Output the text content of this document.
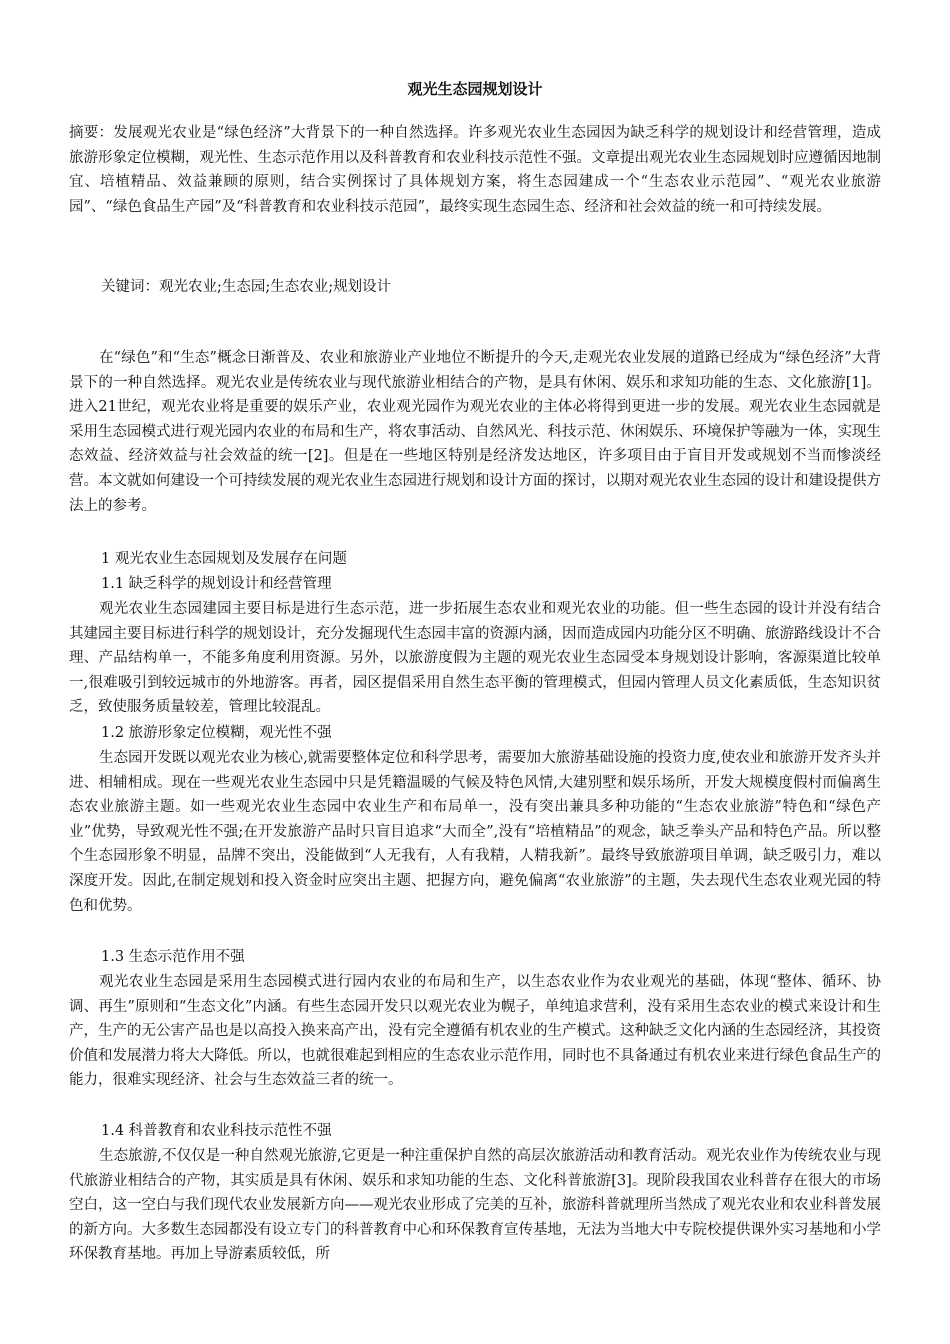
观光生态园规划设计

摘要：发展观光农业是“绿色经济”大背景下的一种自然选择。许多观光农业生态园因为缺乏科学的规划设计和经营管理，造成旅游形象定位模糊，观光性、生态示范作用以及科普教育和农业科技示范性不强。文章提出观光农业生态园规划时应遵循因地制宜、培植精品、效益兼顾的原则，结合实例探讨了具体规划方案，将生态园建成一个“生态农业示范园”、“观光农业旅游园”、“绿色食品生产园”及“科普教育和农业科技示范园”，最终实现生态园生态、经济和社会效益的统一和可持续发展。

关键词：观光农业;生态园;生态农业;规划设计

在“绿色”和“生态”概念日渐普及、农业和旅游业产业地位不断提升的今天,走观光农业发展的道路已经成为“绿色经济”大背景下的一种自然选择。观光农业是传统农业与现代旅游业相结合的产物，是具有休闲、娱乐和求知功能的生态、文化旅游[1]。进入21世纪，观光农业将是重要的娱乐产业，农业观光园作为观光农业的主体必将得到更进一步的发展。观光农业生态园就是采用生态园模式进行观光园内农业的布局和生产，将农事活动、自然风光、科技示范、休闲娱乐、环境保护等融为一体，实现生态效益、经济效益与社会效益的统一[2]。但是在一些地区特别是经济发达地区，许多项目由于盲目开发或规划不当而惨淡经营。本文就如何建设一个可持续发展的观光农业生态园进行规划和设计方面的探讨，以期对观光农业生态园的设计和建设提供方法上的参考。

1 观光农业生态园规划及发展存在问题
1.1 缺乏科学的规划设计和经营管理

观光农业生态园建园主要目标是进行生态示范，进一步拓展生态农业和观光农业的功能。但一些生态园的设计并没有结合其建园主要目标进行科学的规划设计，充分发掘现代生态园丰富的资源内涵，因而造成园内功能分区不明确、旅游路线设计不合理、产品结构单一，不能多角度利用资源。另外，以旅游度假为主题的观光农业生态园受本身规划设计影响，客源渠道比较单一,很难吸引到较远城市的外地游客。再者，园区提倡采用自然生态平衡的管理模式，但园内管理人员文化素质低，生态知识贫乏，致使服务质量较差，管理比较混乱。

1.2 旅游形象定位模糊，观光性不强

生态园开发既以观光农业为核心,就需要整体定位和科学思考，需要加大旅游基础设施的投资力度,使农业和旅游开发齐头并进、相辅相成。现在一些观光农业生态园中只是凭籍温暖的气候及特色风情,大建别墅和娱乐场所，开发大规模度假村而偏离生态农业旅游主题。如一些观光农业生态园中农业生产和布局单一，没有突出兼具多种功能的“生态农业旅游”特色和“绿色产业”优势，导致观光性不强;在开发旅游产品时只盲目追求“大而全”,没有“培植精品”的观念，缺乏拳头产品和特色产品。所以整个生态园形象不明显，品牌不突出，没能做到“人无我有，人有我精，人精我新”。最终导致旅游项目单调，缺乏吸引力，难以深度开发。因此,在制定规划和投入资金时应突出主题、把握方向，避免偏离“农业旅游”的主题，失去现代生态农业观光园的特色和优势。

1.3 生态示范作用不强

观光农业生态园是采用生态园模式进行园内农业的布局和生产，以生态农业作为农业观光的基础，体现“整体、循环、协调、再生”原则和“生态文化”内涵。有些生态园开发只以观光农业为幌子，单纯追求营利，没有采用生态农业的模式来设计和生产，生产的无公害产品也是以高投入换来高产出，没有完全遵循有机农业的生产模式。这种缺乏文化内涵的生态园经济，其投资价值和发展潜力将大大降低。所以，也就很难起到相应的生态农业示范作用，同时也不具备通过有机农业来进行绿色食品生产的能力，很难实现经济、社会与生态效益三者的统一。

1.4 科普教育和农业科技示范性不强

生态旅游,不仅仅是一种自然观光旅游,它更是一种注重保护自然的高层次旅游活动和教育活动。观光农业作为传统农业与现代旅游业相结合的产物，其实质是具有休闲、娱乐和求知功能的生态、文化科普旅游[3]。现阶段我国农业科普存在很大的市场空白，这一空白与我们现代农业发展新方向——观光农业形成了完美的互补，旅游科普就理所当然成了观光农业和农业科普发展的新方向。大多数生态园都没有设立专门的科普教育中心和环保教育宣传基地，无法为当地大中专院校提供课外实习基地和小学环保教育基地。再加上导游素质较低，所
